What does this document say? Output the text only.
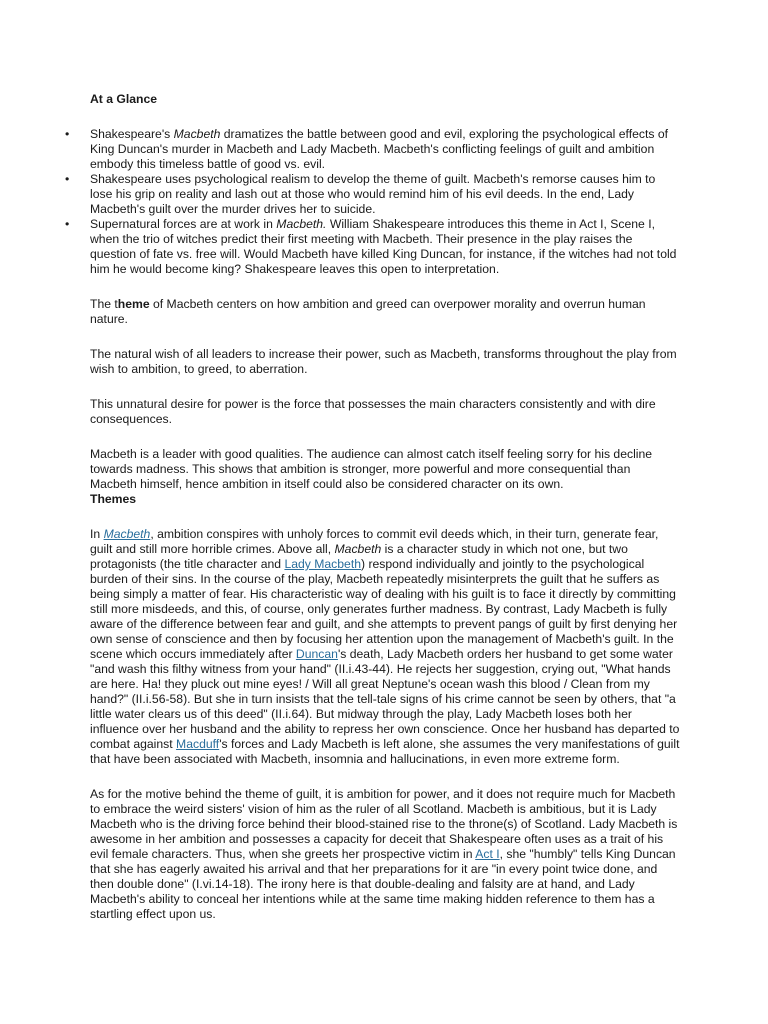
At a Glance
• Shakespeare's Macbeth dramatizes the battle between good and evil, exploring the psychological effects of King Duncan's murder in Macbeth and Lady Macbeth. Macbeth's conflicting feelings of guilt and ambition embody this timeless battle of good vs. evil.
• Shakespeare uses psychological realism to develop the theme of guilt. Macbeth's remorse causes him to lose his grip on reality and lash out at those who would remind him of his evil deeds. In the end, Lady Macbeth's guilt over the murder drives her to suicide.
• Supernatural forces are at work in Macbeth. William Shakespeare introduces this theme in Act I, Scene I, when the trio of witches predict their first meeting with Macbeth. Their presence in the play raises the question of fate vs. free will. Would Macbeth have killed King Duncan, for instance, if the witches had not told him he would become king? Shakespeare leaves this open to interpretation.

The theme of Macbeth centers on how ambition and greed can overpower morality and overrun human nature.

The natural wish of all leaders to increase their power, such as Macbeth, transforms throughout the play from wish to ambition, to greed, to aberration.

This unnatural desire for power is the force that possesses the main characters consistently and with dire consequences.

Macbeth is a leader with good qualities. The audience can almost catch itself feeling sorry for his decline towards madness. This shows that ambition is stronger, more powerful and more consequential than Macbeth himself, hence ambition in itself could also be considered character on its own.

Themes

In Macbeth, ambition conspires with unholy forces to commit evil deeds which, in their turn, generate fear, guilt and still more horrible crimes. Above all, Macbeth is a character study in which not one, but two protagonists (the title character and Lady Macbeth) respond individually and jointly to the psychological burden of their sins. In the course of the play, Macbeth repeatedly misinterprets the guilt that he suffers as being simply a matter of fear. His characteristic way of dealing with his guilt is to face it directly by committing still more misdeeds, and this, of course, only generates further madness. By contrast, Lady Macbeth is fully aware of the difference between fear and guilt, and she attempts to prevent pangs of guilt by first denying her own sense of conscience and then by focusing her attention upon the management of Macbeth's guilt. In the scene which occurs immediately after Duncan's death, Lady Macbeth orders her husband to get some water "and wash this filthy witness from your hand" (II.i.43-44). He rejects her suggestion, crying out, "What hands are here. Ha! they pluck out mine eyes! / Will all great Neptune's ocean wash this blood / Clean from my hand?" (II.i.56-58). But she in turn insists that the tell-tale signs of his crime cannot be seen by others, that "a little water clears us of this deed" (II.i.64). But midway through the play, Lady Macbeth loses both her influence over her husband and the ability to repress her own conscience. Once her husband has departed to combat against Macduff's forces and Lady Macbeth is left alone, she assumes the very manifestations of guilt that have been associated with Macbeth, insomnia and hallucinations, in even more extreme form.

As for the motive behind the theme of guilt, it is ambition for power, and it does not require much for Macbeth to embrace the weird sisters' vision of him as the ruler of all Scotland. Macbeth is ambitious, but it is Lady Macbeth who is the driving force behind their blood-stained rise to the throne(s) of Scotland. Lady Macbeth is awesome in her ambition and possesses a capacity for deceit that Shakespeare often uses as a trait of his evil female characters. Thus, when she greets her prospective victim in Act I, she "humbly" tells King Duncan that she has eagerly awaited his arrival and that her preparations for it are "in every point twice done, and then double done" (I.vi.14-18). The irony here is that double-dealing and falsity are at hand, and Lady Macbeth's ability to conceal her intentions while at the same time making hidden reference to them has a startling effect upon us.
